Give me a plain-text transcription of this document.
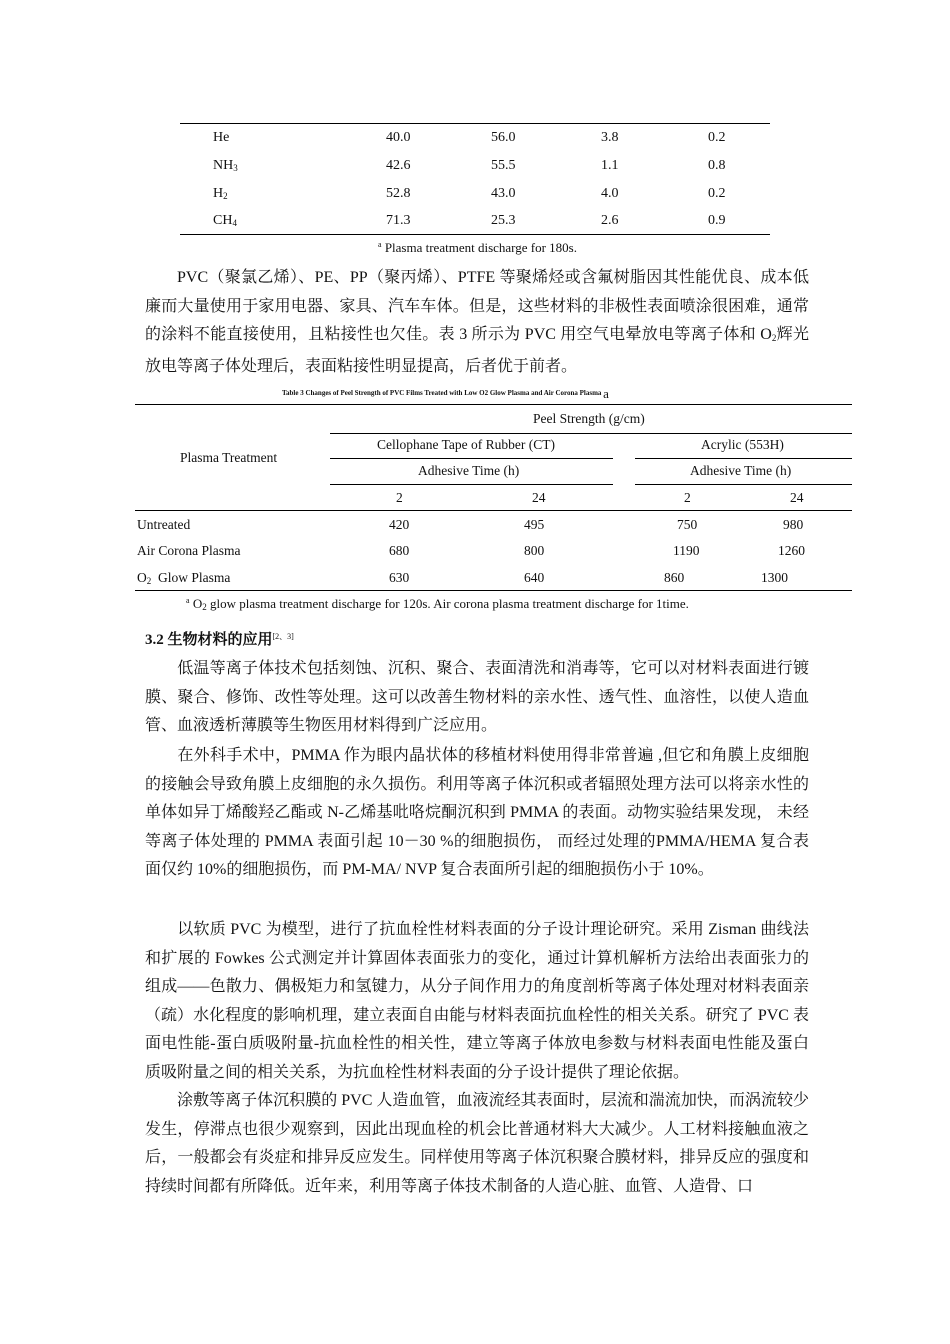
He	40.0	56.0	3.8	0.2
$NH_3$	42.6	55.5	1.1	0.8
$H_2$	52.8	43.0	4.0	0.2
$CH_4$	71.3	25.3	2.6	0.9
$^a$ Plasma treatment discharge for 180s.
PVC（聚氯乙烯）、PE、PP（聚丙烯）、PTFE 等聚烯烃或含氟树脂因其性能优良、成本低廉而大量使用于家用电器、家具、汽车车体。但是，这些材料的非极性表面喷涂很困难，通常的涂料不能直接使用，且粘接性也欠佳。表 3 所示为 PVC 用空气电晕放电等离子体和 $O_2$辉光放电等离子体处理后，表面粘接性明显提高，后者优于前者。
Table 3 Changes of Peel Strength of PVC Films Treated with Low O2 Glow Plasma and Air Corona Plasma a
Peel Strength (g/cm)
Plasma Treatment
Cellophane Tape of Rubber (CT)	Acrylic (553H)
Adhesive Time (h)	Adhesive Time (h)
2	24	2	24
Untreated	420	495	750	980
Air Corona Plasma	680	800	1190	1260
$O_2$  Glow Plasma	630	640	860	1300
$^a$ $O_2$ glow plasma treatment discharge for 120s. Air corona plasma treatment discharge for 1time.
3.2 生物材料的应用[2、3]
低温等离子体技术包括刻蚀、沉积、聚合、表面清洗和消毒等，它可以对材料表面进行镀膜、聚合、修饰、改性等处理。这可以改善生物材料的亲水性、透气性、血溶性，以使人造血管、血液透析薄膜等生物医用材料得到广泛应用。
在外科手术中，PMMA 作为眼内晶状体的移植材料使用得非常普遍 ,但它和角膜上皮细胞的接触会导致角膜上皮细胞的永久损伤。利用等离子体沉积或者辐照处理方法可以将亲水性的单体如异丁烯酸羟乙酯或 N-乙烯基吡咯烷酮沉积到 PMMA 的表面。动物实验结果发现， 未经等离子体处理的 PMMA 表面引起 10－30 %的细胞损伤， 而经过处理的PMMA/HEMA 复合表面仅约 10%的细胞损伤，而 PM-MA/ NVP 复合表面所引起的细胞损伤小于 10%。
以软质 PVC 为模型，进行了抗血栓性材料表面的分子设计理论研究。采用 Zisman 曲线法和扩展的 Fowkes 公式测定并计算固体表面张力的变化，通过计算机解析方法给出表面张力的组成——色散力、偶极矩力和氢键力，从分子间作用力的角度剖析等离子体处理对材料表面亲（疏）水化程度的影响机理，建立表面自由能与材料表面抗血栓性的相关关系。研究了 PVC 表面电性能-蛋白质吸附量-抗血栓性的相关性，建立等离子体放电参数与材料表面电性能及蛋白质吸附量之间的相关关系，为抗血栓性材料表面的分子设计提供了理论依据。
涂敷等离子体沉积膜的 PVC 人造血管，血液流经其表面时，层流和湍流加快，而涡流较少发生，停滞点也很少观察到，因此出现血栓的机会比普通材料大大减少。人工材料接触血液之后，一般都会有炎症和排异反应发生。同样使用等离子体沉积聚合膜材料，排异反应的强度和持续时间都有所降低。近年来，利用等离子体技术制备的人造心脏、血管、人造骨、口
